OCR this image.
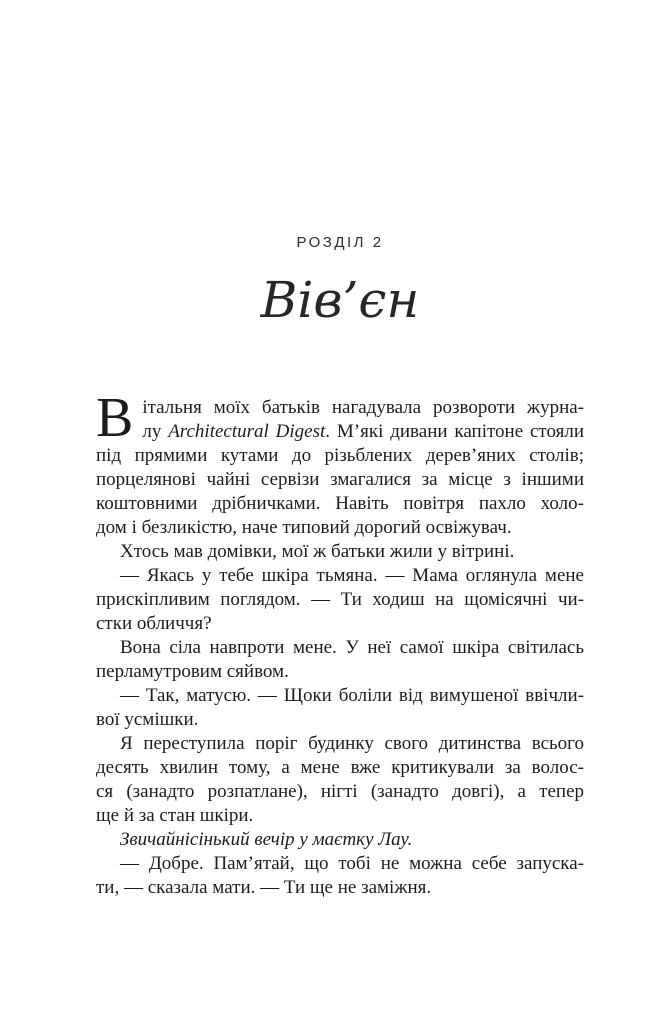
РОЗДІЛ 2
Вів’єн
В італьня моїх батьків нагадувала розвороти журна-
лу Architectural Digest. М’які дивани капітоне стояли
під прямими кутами до різьблених дерев’яних столів;
порцелянові чайні сервізи змагалися за місце з іншими
коштовними дрібничками. Навіть повітря пахло холо-
дом і безликістю, наче типовий дорогий освіжувач.
Хтось мав домівки, мої ж батьки жили у вітрині.
— Якась у тебе шкіра тьмяна. — Мама оглянула мене
прискіпливим поглядом. — Ти ходиш на щомісячні чи-
стки обличчя?
Вона сіла навпроти мене. У неї самої шкіра світилась
перламутровим сяйвом.
— Так, матусю. — Щоки боліли від вимушеної ввічли-
вої усмішки.
Я переступила поріг будинку свого дитинства всього
десять хвилин тому, а мене вже критикували за волос-
ся (занадто розпатлане), нігті (занадто довгі), а тепер
ще й за стан шкіри.
Звичайнісінький вечір у маєтку Лау.
— Добре. Пам’ятай, що тобі не можна себе запуска-
ти, — сказала мати. — Ти ще не заміжня.
